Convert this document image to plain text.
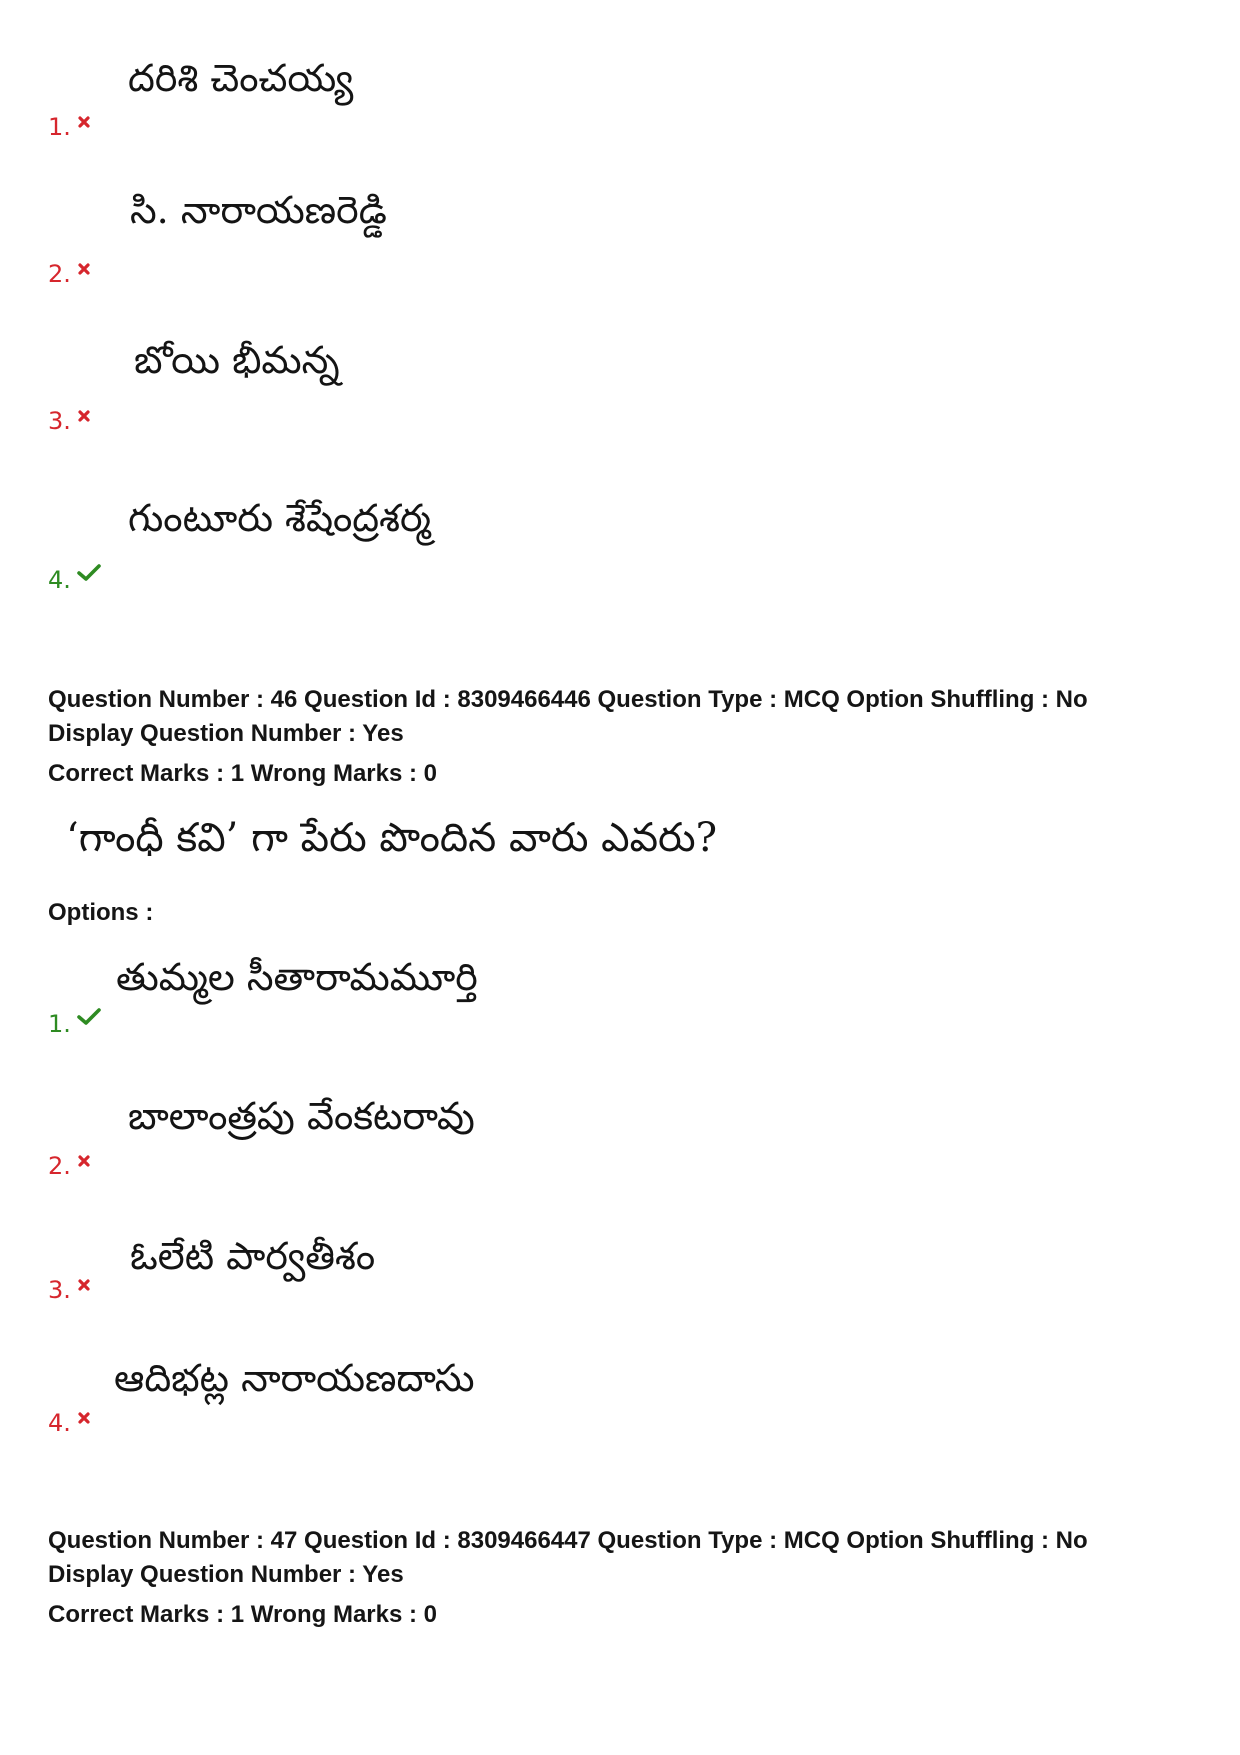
దరిశి చెంచయ్య
1.
సి. నారాయణరెడ్డి
2.
బోయి భీమన్న
3.
గుంటూరు శేషేంద్రశర్మ
4.
Question Number : 46 Question Id : 8309466446 Question Type : MCQ Option Shuffling : No
Display Question Number : Yes
Correct Marks : 1 Wrong Marks : 0
‘గాంధీ కవి’ గా పేరు పొందిన వారు ఎవరు?
Options :
తుమ్మల సీతారామమూర్తి
1.
బాలాంత్రపు వేంకటరావు
2.
ఓలేటి పార్వతీశం
3.
ఆదిభట్ల నారాయణదాసు
4.
Question Number : 47 Question Id : 8309466447 Question Type : MCQ Option Shuffling : No
Display Question Number : Yes
Correct Marks : 1 Wrong Marks : 0
